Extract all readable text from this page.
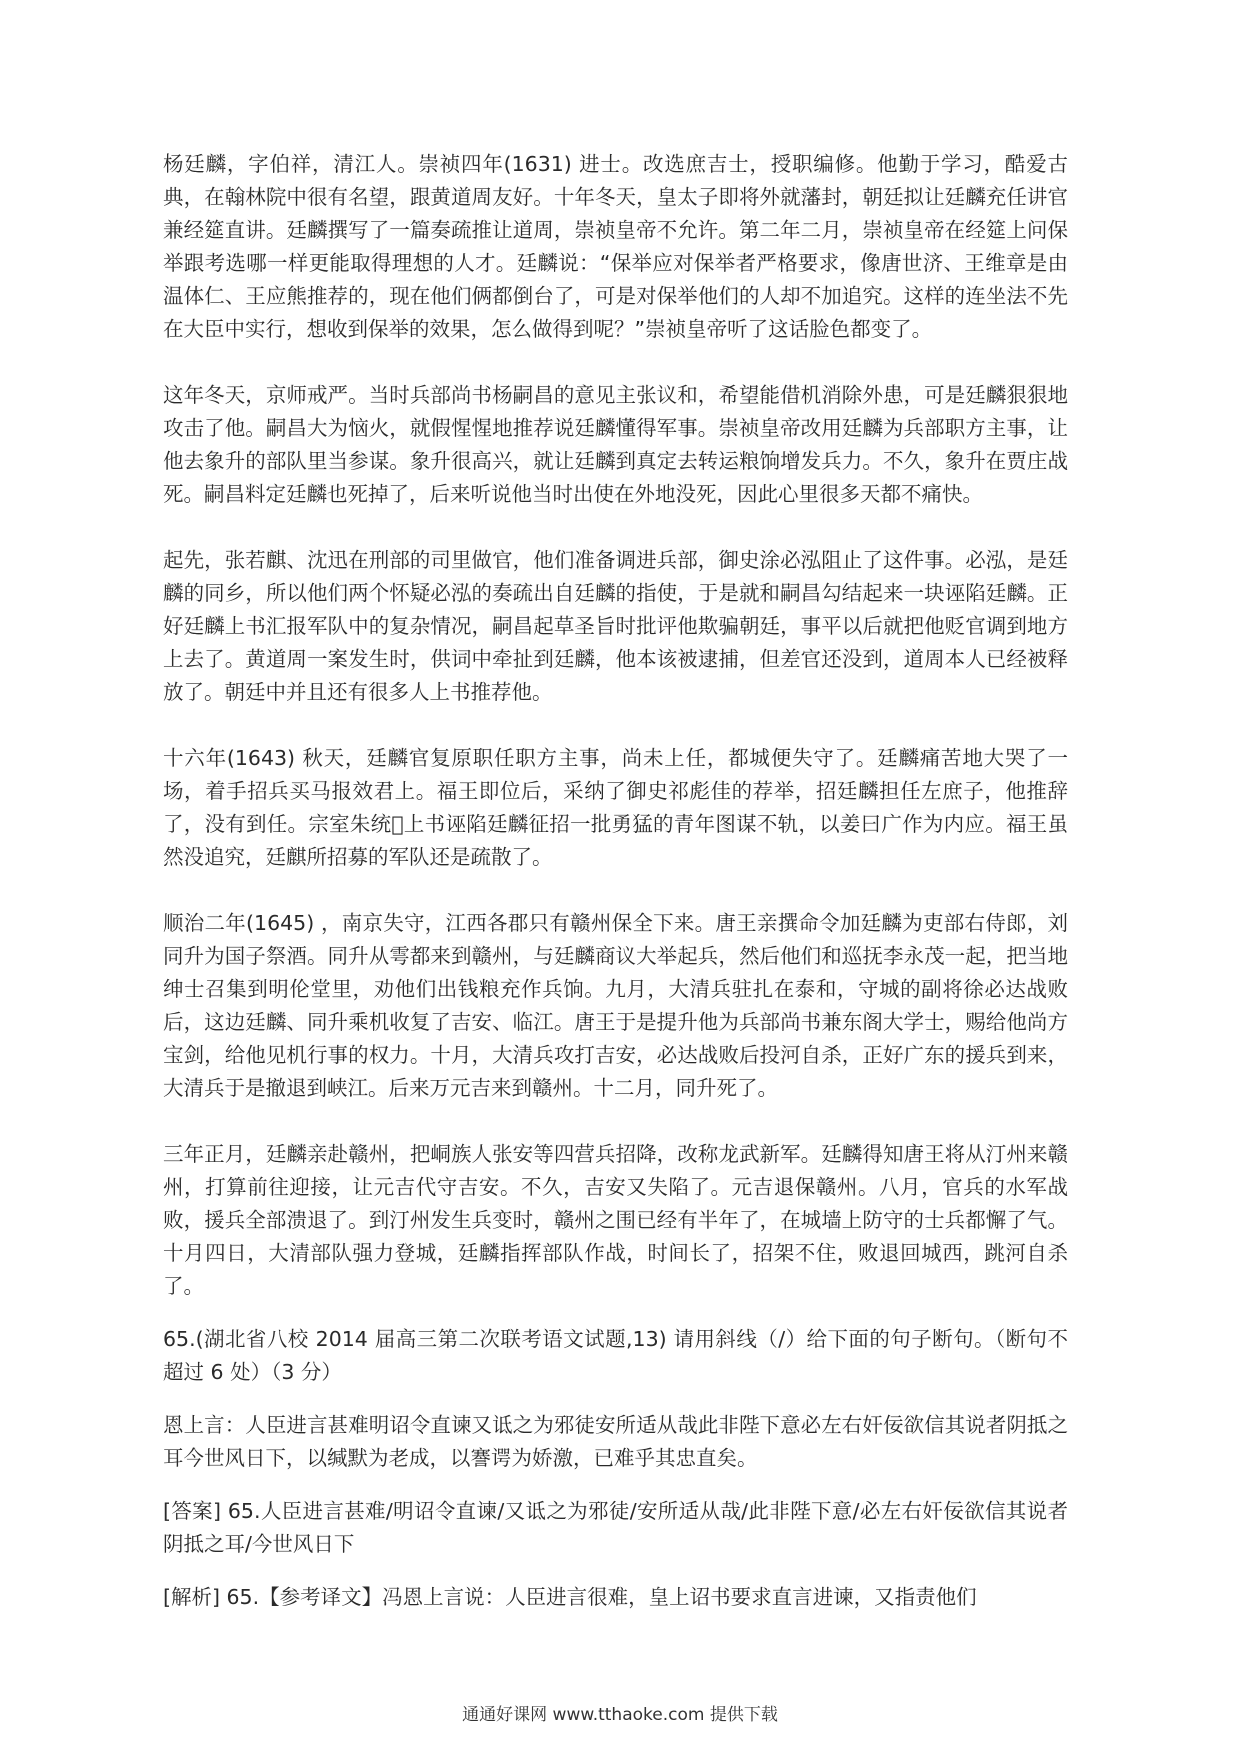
杨廷麟，字伯祥，清江人。崇祯四年(1631) 进士。改选庶吉士，授职编修。他勤于学习，酷爱古典，在翰林院中很有名望，跟黄道周友好。十年冬天，皇太子即将外就藩封，朝廷拟让廷麟充任讲官兼经筵直讲。廷麟撰写了一篇奏疏推让道周，崇祯皇帝不允许。第二年二月，崇祯皇帝在经筵上问保举跟考选哪一样更能取得理想的人才。廷麟说：“保举应对保举者严格要求，像唐世济、王维章是由温体仁、王应熊推荐的，现在他们俩都倒台了，可是对保举他们的人却不加追究。这样的连坐法不先在大臣中实行，想收到保举的效果，怎么做得到呢？”崇祯皇帝听了这话脸色都变了。

这年冬天，京师戒严。当时兵部尚书杨嗣昌的意见主张议和，希望能借机消除外患，可是廷麟狠狠地攻击了他。嗣昌大为恼火，就假惺惺地推荐说廷麟懂得军事。崇祯皇帝改用廷麟为兵部职方主事，让他去象升的部队里当参谋。象升很高兴，就让廷麟到真定去转运粮饷增发兵力。不久，象升在贾庄战死。嗣昌料定廷麟也死掉了，后来听说他当时出使在外地没死，因此心里很多天都不痛快。

起先，张若麒、沈迅在刑部的司里做官，他们准备调进兵部，御史涂必泓阻止了这件事。必泓，是廷麟的同乡，所以他们两个怀疑必泓的奏疏出自廷麟的指使，于是就和嗣昌勾结起来一块诬陷廷麟。正好廷麟上书汇报军队中的复杂情况，嗣昌起草圣旨时批评他欺骗朝廷，事平以后就把他贬官调到地方上去了。黄道周一案发生时，供词中牵扯到廷麟，他本该被逮捕，但差官还没到，道周本人已经被释放了。朝廷中并且还有很多人上书推荐他。

十六年(1643) 秋天，廷麟官复原职任职方主事，尚未上任，都城便失守了。廷麟痛苦地大哭了一场，着手招兵买马报效君上。福王即位后，采纳了御史祁彪佳的荐举，招廷麟担任左庶子，他推辞了，没有到任。宗室朱统𨨗上书诬陷廷麟征招一批勇猛的青年图谋不轨，以姜曰广作为内应。福王虽然没追究，廷麒所招募的军队还是疏散了。

顺治二年(1645) ，南京失守，江西各郡只有赣州保全下来。唐王亲撰命令加廷麟为吏部右侍郎，刘同升为国子祭酒。同升从雩都来到赣州，与廷麟商议大举起兵，然后他们和巡抚李永茂一起，把当地绅士召集到明伦堂里，劝他们出钱粮充作兵饷。九月，大清兵驻扎在泰和，守城的副将徐必达战败后，这边廷麟、同升乘机收复了吉安、临江。唐王于是提升他为兵部尚书兼东阁大学士，赐给他尚方宝剑，给他见机行事的权力。十月，大清兵攻打吉安，必达战败后投河自杀，正好广东的援兵到来，大清兵于是撤退到峡江。后来万元吉来到赣州。十二月，同升死了。

三年正月，廷麟亲赴赣州，把峒族人张安等四营兵招降，改称龙武新军。廷麟得知唐王将从汀州来赣州，打算前往迎接，让元吉代守吉安。不久，吉安又失陷了。元吉退保赣州。八月，官兵的水军战败，援兵全部溃退了。到汀州发生兵变时，赣州之围已经有半年了，在城墙上防守的士兵都懈了气。十月四日，大清部队强力登城，廷麟指挥部队作战，时间长了，招架不住，败退回城西，跳河自杀了。

65.(湖北省八校 2014 届高三第二次联考语文试题,13) 请用斜线（/）给下面的句子断句。（断句不超过 6 处）（3 分）

恩上言：人臣进言甚难明诏令直谏又诋之为邪徒安所适从哉此非陛下意必左右奸佞欲信其说者阴抵之耳今世风日下，以缄默为老成，以謇谔为娇激，已难乎其忠直矣。

[答案] 65.人臣进言甚难/明诏令直谏/又诋之为邪徒/安所适从哉/此非陛下意/必左右奸佞欲信其说者阴抵之耳/今世风日下

[解析] 65.【参考译文】冯恩上言说：人臣进言很难，皇上诏书要求直言进谏，又指责他们

通通好课网 www.tthaoke.com 提供下载
